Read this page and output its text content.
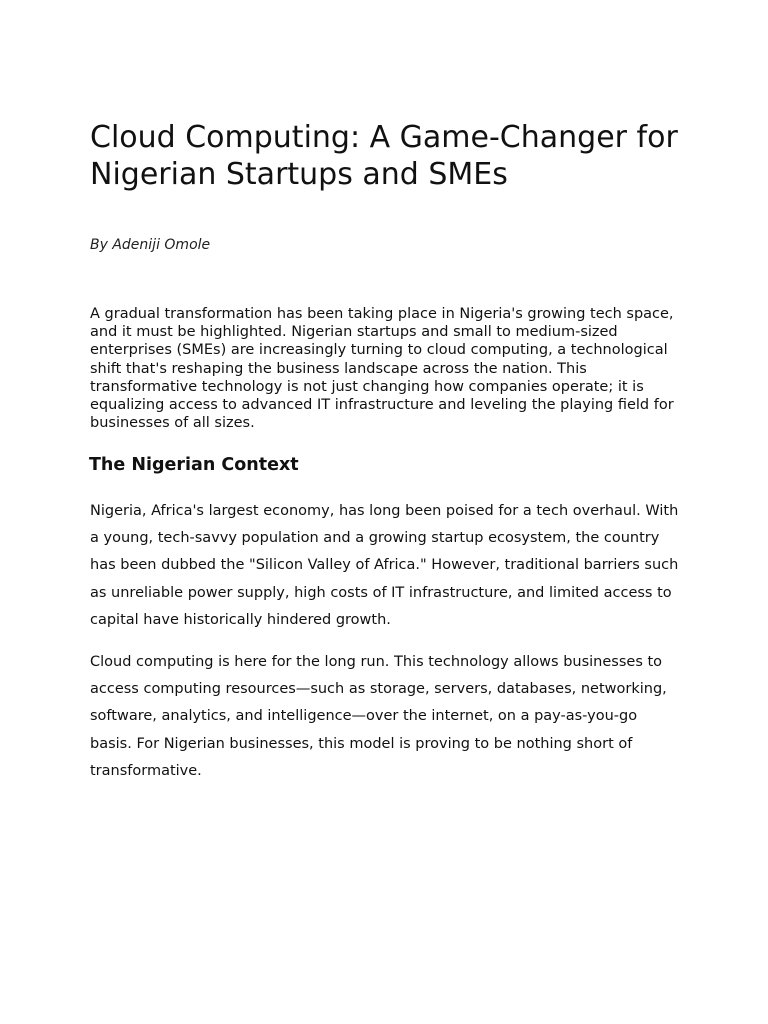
Cloud Computing: A Game-Changer for Nigerian Startups and SMEs

By Adeniji Omole

A gradual transformation has been taking place in Nigeria's growing tech space, and it must be highlighted. Nigerian startups and small to medium-sized enterprises (SMEs) are increasingly turning to cloud computing, a technological shift that's reshaping the business landscape across the nation. This transformative technology is not just changing how companies operate; it is equalizing access to advanced IT infrastructure and leveling the playing field for businesses of all sizes.

The Nigerian Context

Nigeria, Africa's largest economy, has long been poised for a tech overhaul. With a young, tech-savvy population and a growing startup ecosystem, the country has been dubbed the "Silicon Valley of Africa." However, traditional barriers such as unreliable power supply, high costs of IT infrastructure, and limited access to capital have historically hindered growth.

Cloud computing is here for the long run. This technology allows businesses to access computing resources—such as storage, servers, databases, networking, software, analytics, and intelligence—over the internet, on a pay-as-you-go basis. For Nigerian businesses, this model is proving to be nothing short of transformative.
